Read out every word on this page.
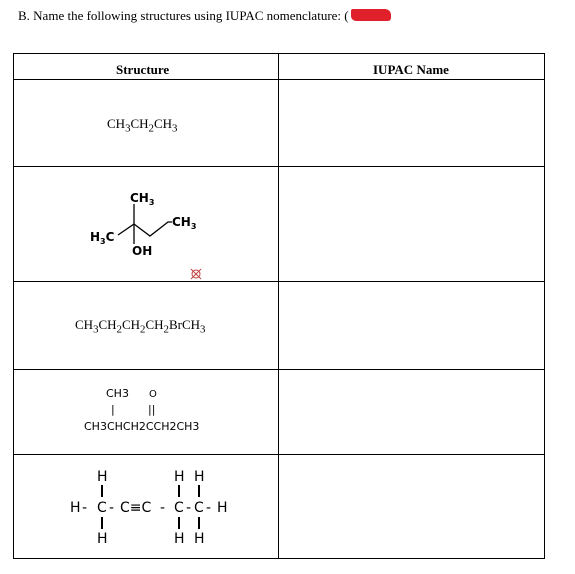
B. Name the following structures using IUPAC nomenclature: (
Structure	IUPAC Name
$CH_3CH_2CH_3$
$CH_3$
$H_3C$
$CH_3$
OH
$CH_3CH_2CH_2CH_2BrCH_3$
CH3 O
|	||
CH3CHCH2CCH2CH3
H	H H
H - C - C≡C - C - C - H
H	H H
